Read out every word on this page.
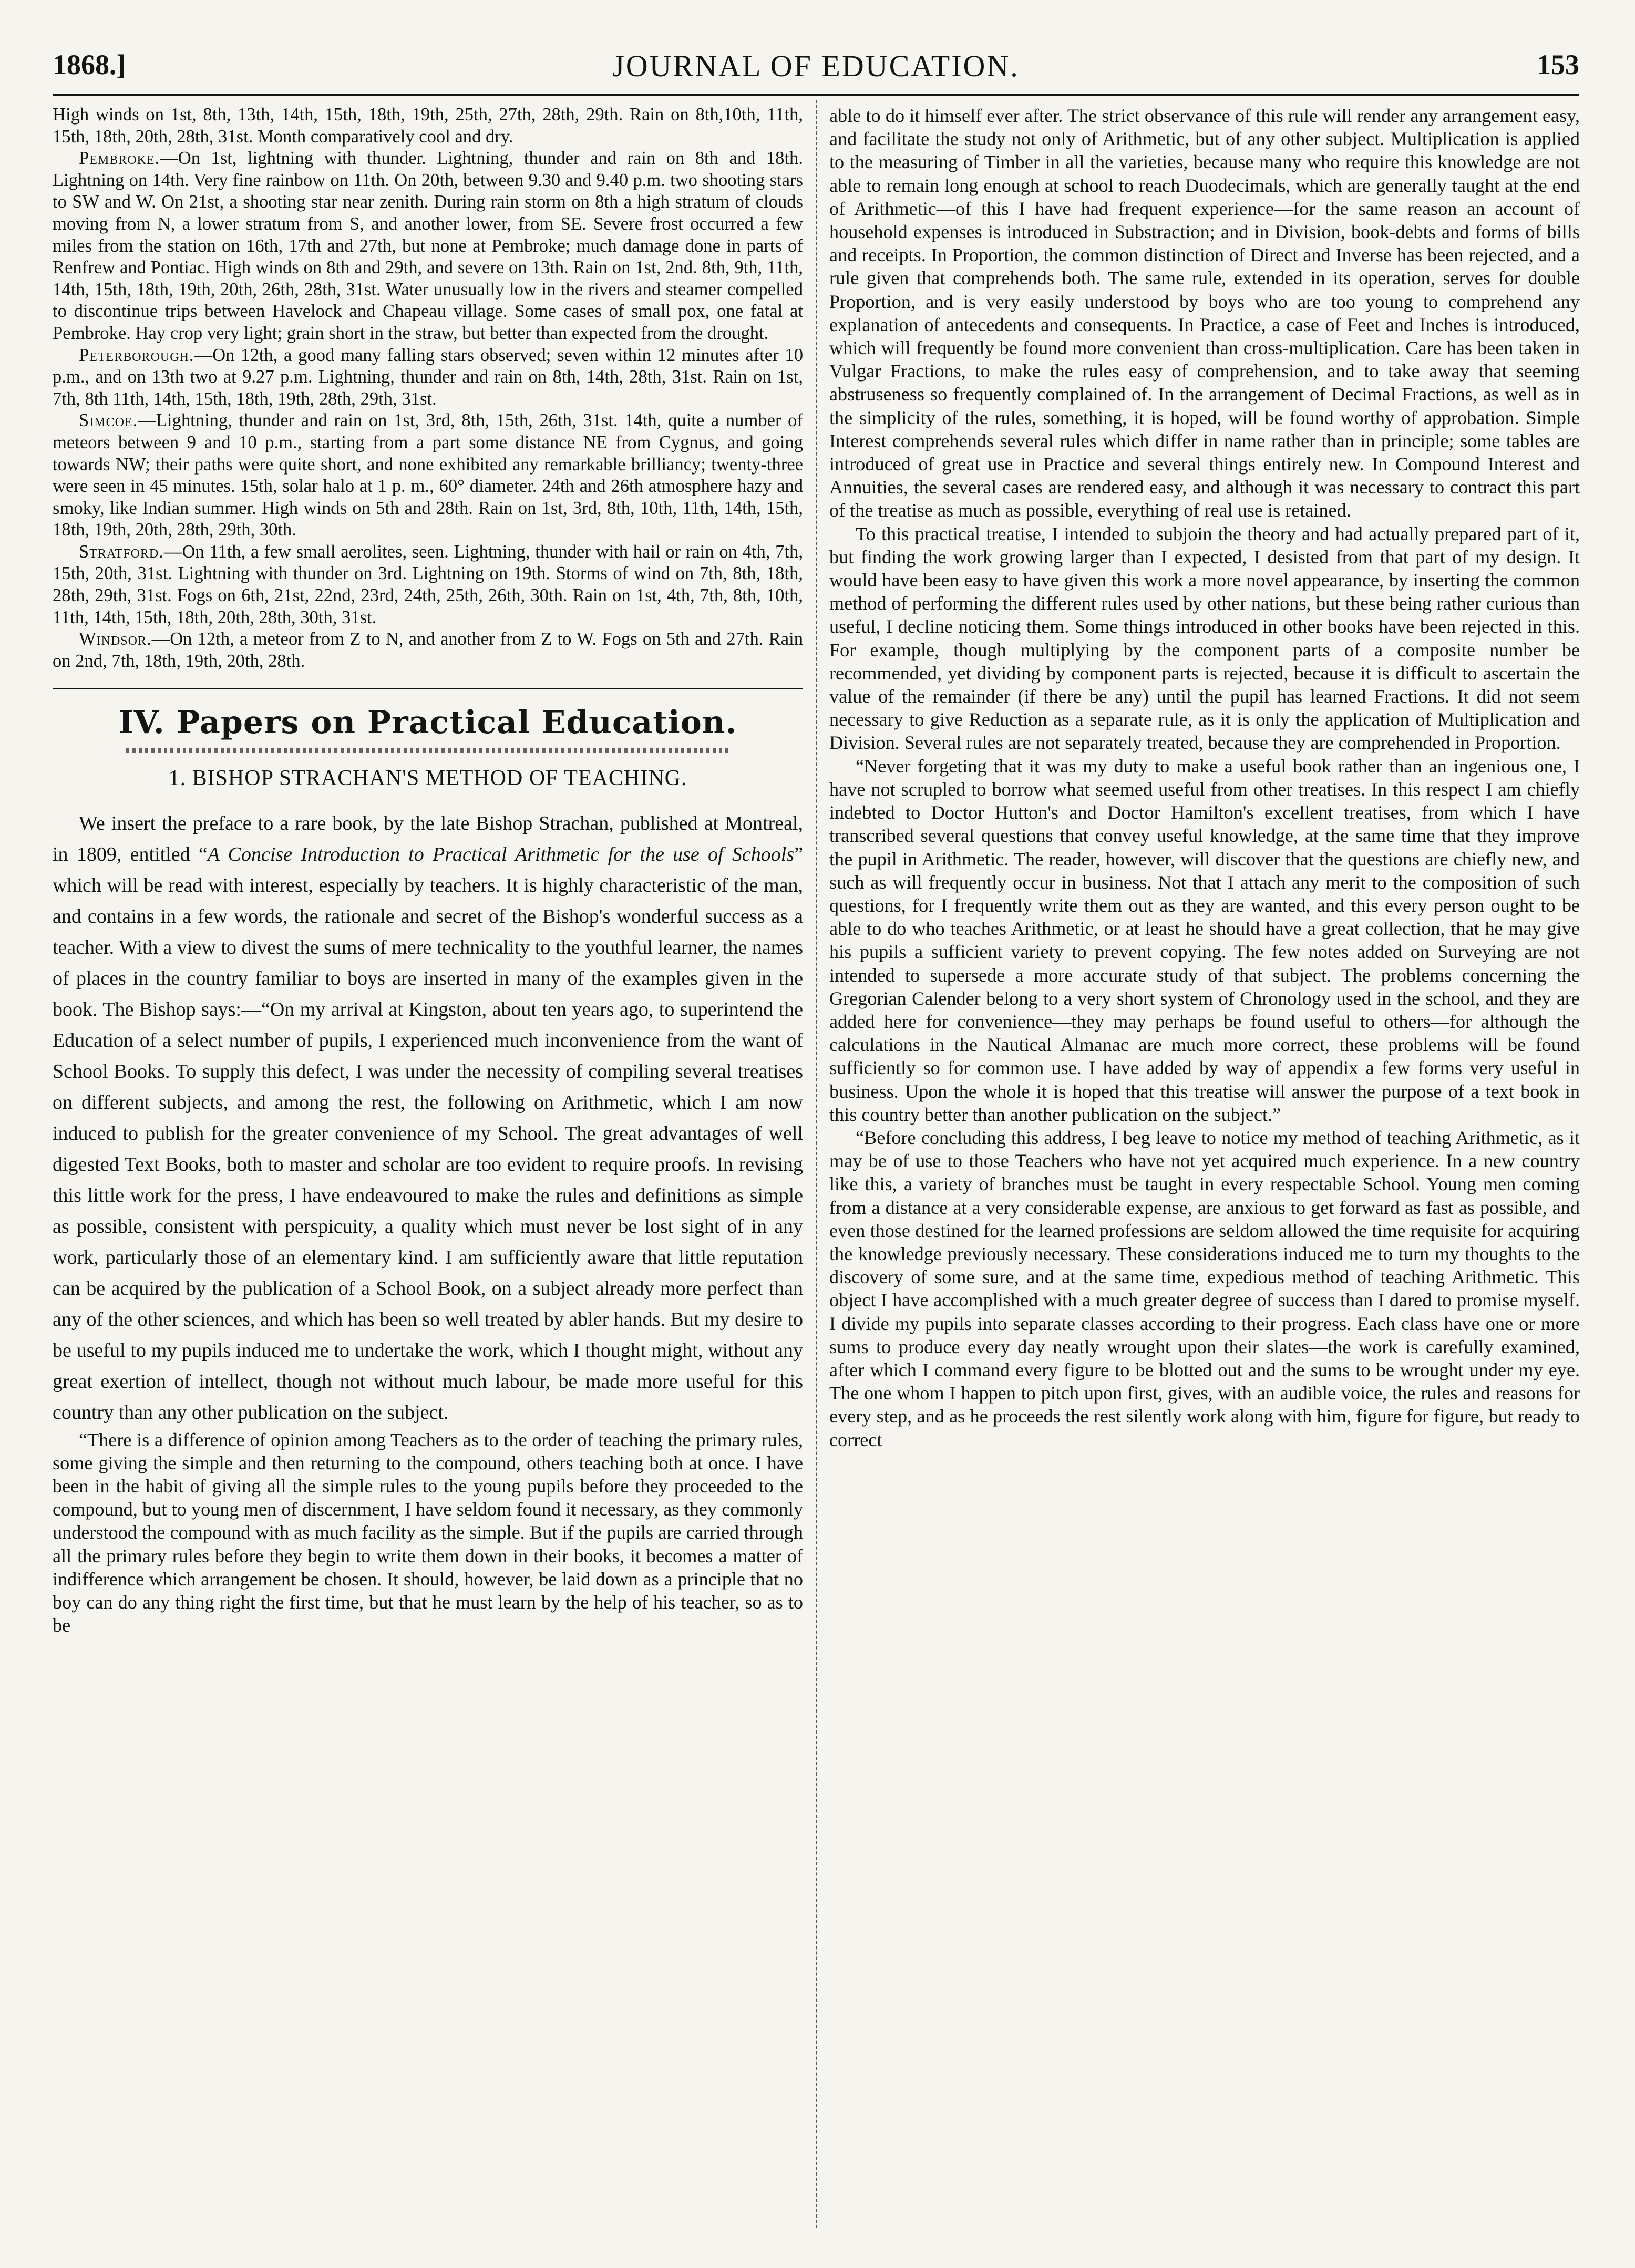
1868.]	JOURNAL OF EDUCATION.	153

High winds on 1st, 8th, 13th, 14th, 15th, 18th, 19th, 25th, 27th, 28th, 29th. Rain on 8th,10th, 11th, 15th, 18th, 20th, 28th, 31st. Month comparatively cool and dry.

Pembroke.—On 1st, lightning with thunder. Lightning, thunder and rain on 8th and 18th. Lightning on 14th. Very fine rainbow on 11th. On 20th, between 9.30 and 9.40 p.m. two shooting stars to SW and W. On 21st, a shooting star near zenith. During rain storm on 8th a high stratum of clouds moving from N, a lower stratum from S, and another lower, from SE. Severe frost occurred a few miles from the station on 16th, 17th and 27th, but none at Pembroke; much damage done in parts of Renfrew and Pontiac. High winds on 8th and 29th, and severe on 13th. Rain on 1st, 2nd. 8th, 9th, 11th, 14th, 15th, 18th, 19th, 20th, 26th, 28th, 31st. Water unusually low in the rivers and steamer compelled to discontinue trips between Havelock and Chapeau village. Some cases of small pox, one fatal at Pembroke. Hay crop very light; grain short in the straw, but better than expected from the drought.

Peterborough.—On 12th, a good many falling stars observed; seven within 12 minutes after 10 p.m., and on 13th two at 9.27 p.m. Lightning, thunder and rain on 8th, 14th, 28th, 31st. Rain on 1st, 7th, 8th 11th, 14th, 15th, 18th, 19th, 28th, 29th, 31st.

Simcoe.—Lightning, thunder and rain on 1st, 3rd, 8th, 15th, 26th, 31st. 14th, quite a number of meteors between 9 and 10 p.m., starting from a part some distance NE from Cygnus, and going towards NW; their paths were quite short, and none exhibited any remarkable brilliancy; twenty-three were seen in 45 minutes. 15th, solar halo at 1 p. m., 60° diameter. 24th and 26th atmosphere hazy and smoky, like Indian summer. High winds on 5th and 28th. Rain on 1st, 3rd, 8th, 10th, 11th, 14th, 15th, 18th, 19th, 20th, 28th, 29th, 30th.

Stratford.—On 11th, a few small aerolites, seen. Lightning, thunder with hail or rain on 4th, 7th, 15th, 20th, 31st. Lightning with thunder on 3rd. Lightning on 19th. Storms of wind on 7th, 8th, 18th, 28th, 29th, 31st. Fogs on 6th, 21st, 22nd, 23rd, 24th, 25th, 26th, 30th. Rain on 1st, 4th, 7th, 8th, 10th, 11th, 14th, 15th, 18th, 20th, 28th, 30th, 31st.

Windsor.—On 12th, a meteor from Z to N, and another from Z to W. Fogs on 5th and 27th. Rain on 2nd, 7th, 18th, 19th, 20th, 28th.

IV. Papers on Practical Education.
1. BISHOP STRACHAN'S METHOD OF TEACHING.

We insert the preface to a rare book, by the late Bishop Strachan, published at Montreal, in 1809, entitled “A Concise Introduction to Practical Arithmetic for the use of Schools” which will be read with interest, especially by teachers. It is highly characteristic of the man, and contains in a few words, the rationale and secret of the Bishop's wonderful success as a teacher. With a view to divest the sums of mere technicality to the youthful learner, the names of places in the country familiar to boys are inserted in many of the examples given in the book. The Bishop says:—“On my arrival at Kingston, about ten years ago, to superintend the Education of a select number of pupils, I experienced much inconvenience from the want of School Books. To supply this defect, I was under the necessity of compiling several treatises on different subjects, and among the rest, the following on Arithmetic, which I am now induced to publish for the greater convenience of my School. The great advantages of well digested Text Books, both to master and scholar are too evident to require proofs. In revising this little work for the press, I have endeavoured to make the rules and definitions as simple as possible, consistent with perspicuity, a quality which must never be lost sight of in any work, particularly those of an elementary kind. I am sufficiently aware that little reputation can be acquired by the publication of a School Book, on a subject already more perfect than any of the other sciences, and which has been so well treated by abler hands. But my desire to be useful to my pupils induced me to undertake the work, which I thought might, without any great exertion of intellect, though not without much labour, be made more useful for this country than any other publication on the subject.

“There is a difference of opinion among Teachers as to the order of teaching the primary rules, some giving the simple and then returning to the compound, others teaching both at once. I have been in the habit of giving all the simple rules to the young pupils before they proceeded to the compound, but to young men of discernment, I have seldom found it necessary, as they commonly understood the compound with as much facility as the simple. But if the pupils are carried through all the primary rules before they begin to write them down in their books, it becomes a matter of indifference which arrangement be chosen. It should, however, be laid down as a principle that no boy can do any thing right the first time, but that he must learn by the help of his teacher, so as to be

able to do it himself ever after. The strict observance of this rule will render any arrangement easy, and facilitate the study not only of Arithmetic, but of any other subject. Multiplication is applied to the measuring of Timber in all the varieties, because many who require this knowledge are not able to remain long enough at school to reach Duodecimals, which are generally taught at the end of Arithmetic—of this I have had frequent experience—for the same reason an account of household expenses is introduced in Substraction; and in Division, book-debts and forms of bills and receipts. In Proportion, the common distinction of Direct and Inverse has been rejected, and a rule given that comprehends both. The same rule, extended in its operation, serves for double Proportion, and is very easily understood by boys who are too young to comprehend any explanation of antecedents and consequents. In Practice, a case of Feet and Inches is introduced, which will frequently be found more convenient than cross-multiplication. Care has been taken in Vulgar Fractions, to make the rules easy of comprehension, and to take away that seeming abstruseness so frequently complained of. In the arrangement of Decimal Fractions, as well as in the simplicity of the rules, something, it is hoped, will be found worthy of approbation. Simple Interest comprehends several rules which differ in name rather than in principle; some tables are introduced of great use in Practice and several things entirely new. In Compound Interest and Annuities, the several cases are rendered easy, and although it was necessary to contract this part of the treatise as much as possible, everything of real use is retained.

To this practical treatise, I intended to subjoin the theory and had actually prepared part of it, but finding the work growing larger than I expected, I desisted from that part of my design. It would have been easy to have given this work a more novel appearance, by inserting the common method of performing the different rules used by other nations, but these being rather curious than useful, I decline noticing them. Some things introduced in other books have been rejected in this. For example, though multiplying by the component parts of a composite number be recommended, yet dividing by component parts is rejected, because it is difficult to ascertain the value of the remainder (if there be any) until the pupil has learned Fractions. It did not seem necessary to give Reduction as a separate rule, as it is only the application of Multiplication and Division. Several rules are not separately treated, because they are comprehended in Proportion.

“Never forgeting that it was my duty to make a useful book rather than an ingenious one, I have not scrupled to borrow what seemed useful from other treatises. In this respect I am chiefly indebted to Doctor Hutton's and Doctor Hamilton's excellent treatises, from which I have transcribed several questions that convey useful knowledge, at the same time that they improve the pupil in Arithmetic. The reader, however, will discover that the questions are chiefly new, and such as will frequently occur in business. Not that I attach any merit to the composition of such questions, for I frequently write them out as they are wanted, and this every person ought to be able to do who teaches Arithmetic, or at least he should have a great collection, that he may give his pupils a sufficient variety to prevent copying. The few notes added on Surveying are not intended to supersede a more accurate study of that subject. The problems concerning the Gregorian Calender belong to a very short system of Chronology used in the school, and they are added here for convenience—they may perhaps be found useful to others—for although the calculations in the Nautical Almanac are much more correct, these problems will be found sufficiently so for common use. I have added by way of appendix a few forms very useful in business. Upon the whole it is hoped that this treatise will answer the purpose of a text book in this country better than another publication on the subject.”

“Before concluding this address, I beg leave to notice my method of teaching Arithmetic, as it may be of use to those Teachers who have not yet acquired much experience. In a new country like this, a variety of branches must be taught in every respectable School. Young men coming from a distance at a very considerable expense, are anxious to get forward as fast as possible, and even those destined for the learned professions are seldom allowed the time requisite for acquiring the knowledge previously necessary. These considerations induced me to turn my thoughts to the discovery of some sure, and at the same time, expedious method of teaching Arithmetic. This object I have accomplished with a much greater degree of success than I dared to promise myself. I divide my pupils into separate classes according to their progress. Each class have one or more sums to produce every day neatly wrought upon their slates—the work is carefully examined, after which I command every figure to be blotted out and the sums to be wrought under my eye. The one whom I happen to pitch upon first, gives, with an audible voice, the rules and reasons for every step, and as he proceeds the rest silently work along with him, figure for figure, but ready to correct
